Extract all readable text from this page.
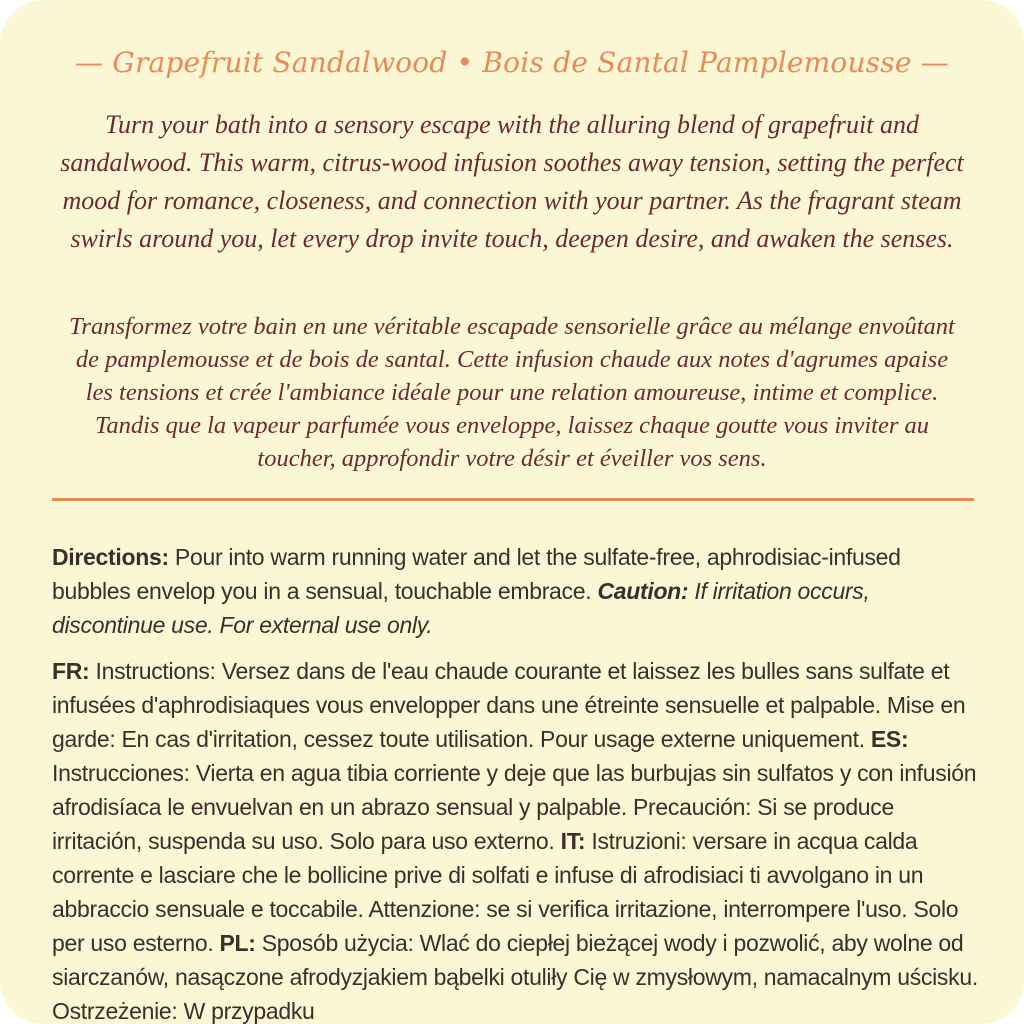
— Grapefruit Sandalwood • Bois de Santal Pamplemousse —

Turn your bath into a sensory escape with the alluring blend of grapefruit and sandalwood. This warm, citrus-wood infusion soothes away tension, setting the perfect mood for romance, closeness, and connection with your partner. As the fragrant steam swirls around you, let every drop invite touch, deepen desire, and awaken the senses.

Transformez votre bain en une véritable escapade sensorielle grâce au mélange envoûtant de pamplemousse et de bois de santal. Cette infusion chaude aux notes d'agrumes apaise les tensions et crée l'ambiance idéale pour une relation amoureuse, intime et complice. Tandis que la vapeur parfumée vous enveloppe, laissez chaque goutte vous inviter au toucher, approfondir votre désir et éveiller vos sens.

Directions: Pour into warm running water and let the sulfate-free, aphrodisiac-infused bubbles envelop you in a sensual, touchable embrace. Caution: If irritation occurs, discontinue use. For external use only.

FR: Instructions: Versez dans de l'eau chaude courante et laissez les bulles sans sulfate et infusées d'aphrodisiaques vous envelopper dans une étreinte sensuelle et palpable. Mise en garde: En cas d'irritation, cessez toute utilisation. Pour usage externe uniquement. ES: Instrucciones: Vierta en agua tibia corriente y deje que las burbujas sin sulfatos y con infusión afrodisíaca le envuelvan en un abrazo sensual y palpable. Precaución: Si se produce irritación, suspenda su uso. Solo para uso externo. IT: Istruzioni: versare in acqua calda corrente e lasciare che le bollicine prive di solfati e infuse di afrodisiaci ti avvolgano in un abbraccio sensuale e toccabile. Attenzione: se si verifica irritazione, interrompere l'uso. Solo per uso esterno. PL: Sposób użycia: Wlać do ciepłej bieżącej wody i pozwolić, aby wolne od siarczanów, nasączone afrodyzjakiem bąbelki otuliły Cię w zmysłowym, namacalnym uścisku. Ostrzeżenie: W przypadku
